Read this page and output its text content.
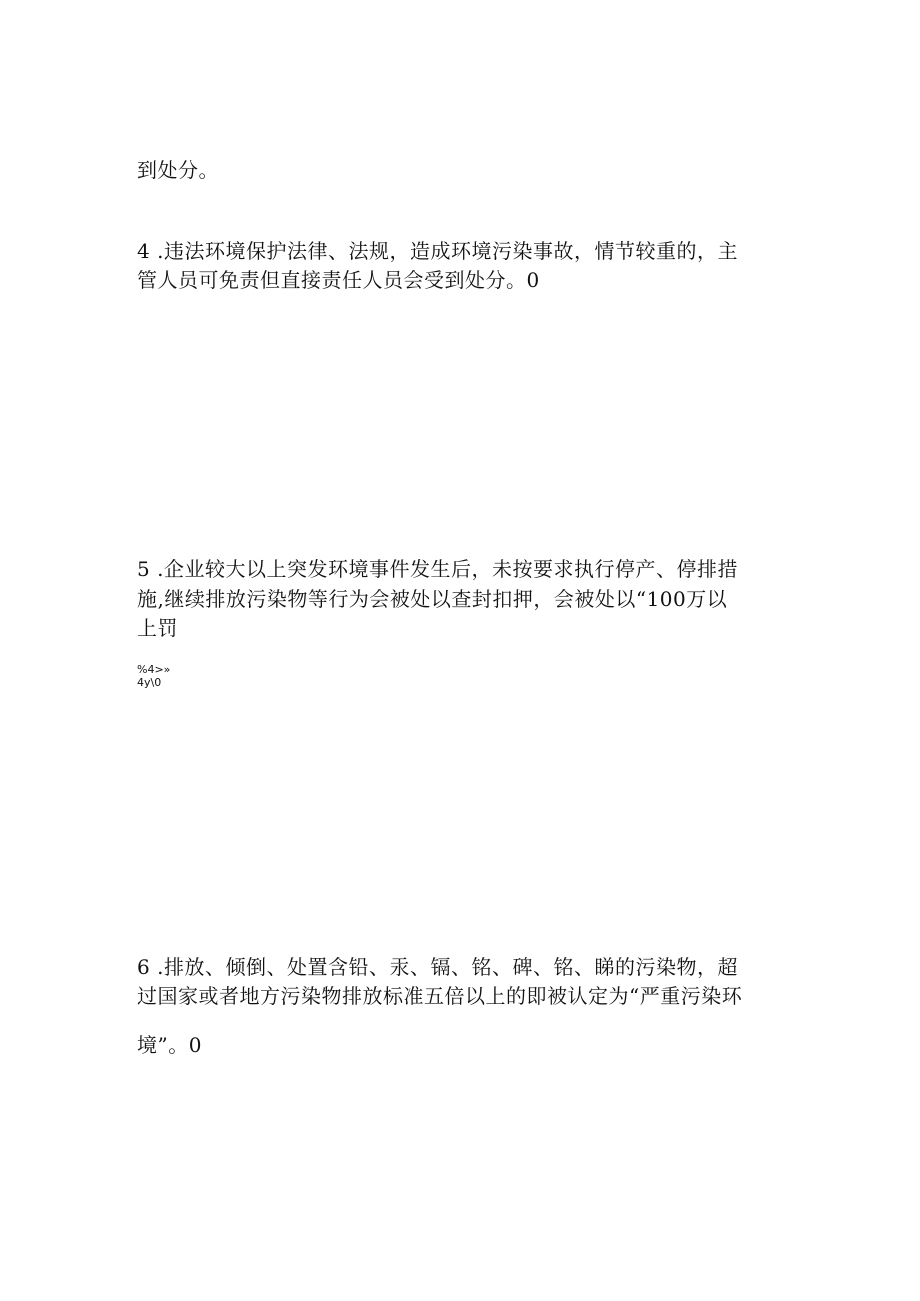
到处分。
4 .违法环境保护法律、法规，造成环境污染事故，情节较重的，主
管人员可免责但直接责任人员会受到处分。0
5 .企业较大以上突发环境事件发生后，未按要求执行停产、停排措
施,继续排放污染物等行为会被处以查封扣押，会被处以“100万以
上罚
%4>»
4y\0
6 .排放、倾倒、处置含铅、汞、镉、铭、碑、铭、睇的污染物，超
过国家或者地方污染物排放标准五倍以上的即被认定为“严重污染环
境”。0
